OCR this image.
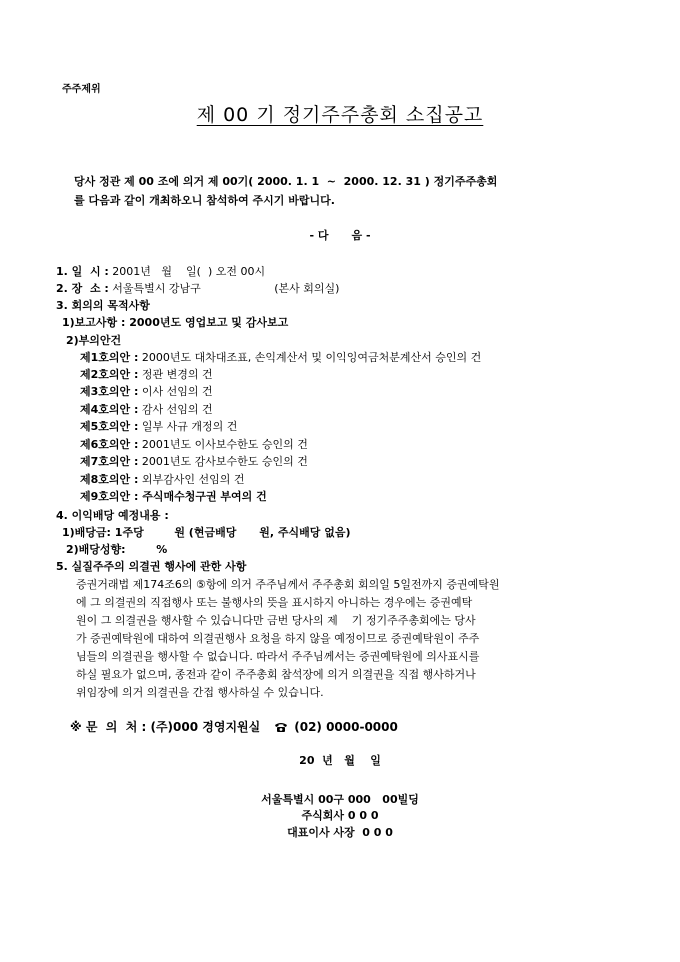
주주제위
제 00 기 정기주주총회 소집공고
당사 정관 제 00 조에 의거 제 00기( 2000. 1. 1  ~  2000. 12. 31 ) 정기주주총회
를 다음과 같이 개최하오니 참석하여 주시기 바랍니다.
- 다      음 -
1. 일  시 : 2001년   월    일(  ) 오전 00시
2. 장  소 : 서울특별시 강남구                     (본사 회의실)
3. 회의의 목적사항
1)보고사항 : 2000년도 영업보고 및 감사보고
2)부의안건
제1호의안 : 2000년도 대차대조표, 손익계산서 및 이익잉여금처분계산서 승인의 건
제2호의안 : 정관 변경의 건
제3호의안 : 이사 선임의 건
제4호의안 : 감사 선임의 건
제5호의안 : 일부 사규 개정의 건
제6호의안 : 2001년도 이사보수한도 승인의 건
제7호의안 : 2001년도 감사보수한도 승인의 건
제8호의안 : 외부감사인 선임의 건
제9호의안 : 주식매수청구권 부여의 건
4. 이익배당 예정내용 :
1)배당금: 1주당        원 (현금배당      원, 주식배당 없음)
2)배당성향:        %
5. 실질주주의 의결권 행사에 관한 사항
증권거래법 제174조6의 ⑤항에 의거 주주님께서 주주총회 회의일 5일전까지 증권예탁원
에 그 의결권의 직접행사 또는 불행사의 뜻을 표시하지 아니하는 경우에는 증권예탁
원이 그 의결권을 행사할 수 있습니다만 금번 당사의 제    기 정기주주총회에는 당사
가 증권예탁원에 대하여 의결권행사 요청을 하지 않을 예정이므로 증권예탁원이 주주
님들의 의결권을 행사할 수 없습니다. 따라서 주주님께서는 증권예탁원에 의사표시를
하실 필요가 없으며, 종전과 같이 주주총회 참석장에 의거 의결권을 직접 행사하거나
위임장에 의거 의결권을 간접 행사하실 수 있습니다.
※ 문  의  처 : (주)000 경영지원실	(02) 0000-0000
20  년   월    일
서울특별시 00구 000   00빌딩
주식회사 0 0 0
대표이사 사장  0 0 0
